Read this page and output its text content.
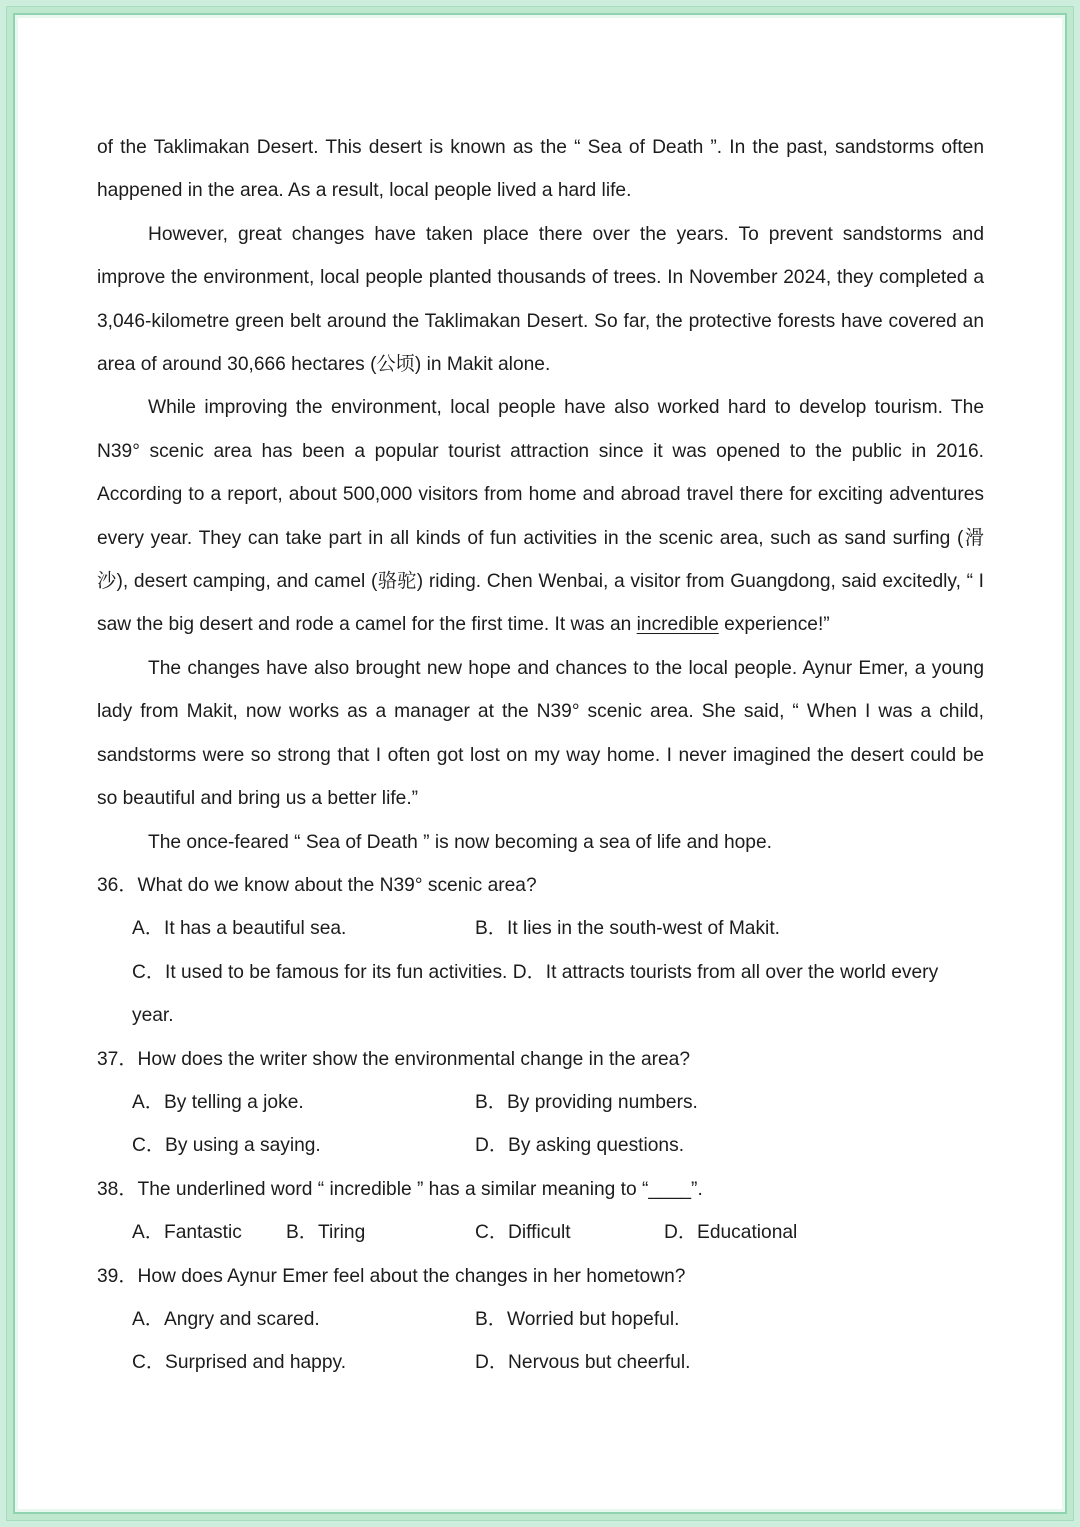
of the Taklimakan Desert. This desert is known as the “ Sea of Death ”. In the past, sandstorms often happened in the area. As a result, local people lived a hard life.

However, great changes have taken place there over the years. To prevent sandstorms and improve the environment, local people planted thousands of trees. In November 2024, they completed a 3,046-kilometre green belt around the Taklimakan Desert. So far, the protective forests have covered an area of around 30,666 hectares (公顷) in Makit alone.

While improving the environment, local people have also worked hard to develop tourism. The N39° scenic area has been a popular tourist attraction since it was opened to the public in 2016. According to a report, about 500,000 visitors from home and abroad travel there for exciting adventures every year. They can take part in all kinds of fun activities in the scenic area, such as sand surfing (滑沙), desert camping, and camel (骆驼) riding. Chen Wenbai, a visitor from Guangdong, said excitedly, “ I saw the big desert and rode a camel for the first time. It was an incredible experience!”

The changes have also brought new hope and chances to the local people. Aynur Emer, a young lady from Makit, now works as a manager at the N39° scenic area. She said, “ When I was a child, sandstorms were so strong that I often got lost on my way home. I never imagined the desert could be so beautiful and bring us a better life.”

The once-feared “ Sea of Death ” is now becoming a sea of life and hope.

36．What do we know about the N39° scenic area?

A．It has a beautiful sea.	B．It lies in the south-west of Makit.
C．It used to be famous for its fun activities. D．It attracts tourists from all over the world every year.

37．How does the writer show the environmental change in the area?

A．By telling a joke.	B．By providing numbers.
C．By using a saying.	D．By asking questions.

38．The underlined word “ incredible ” has a similar meaning to “____”.

A．Fantastic	B．Tiring	C．Difficult	D．Educational

39．How does Aynur Emer feel about the changes in her hometown?

A．Angry and scared.	B．Worried but hopeful.
C．Surprised and happy.	D．Nervous but cheerful.
